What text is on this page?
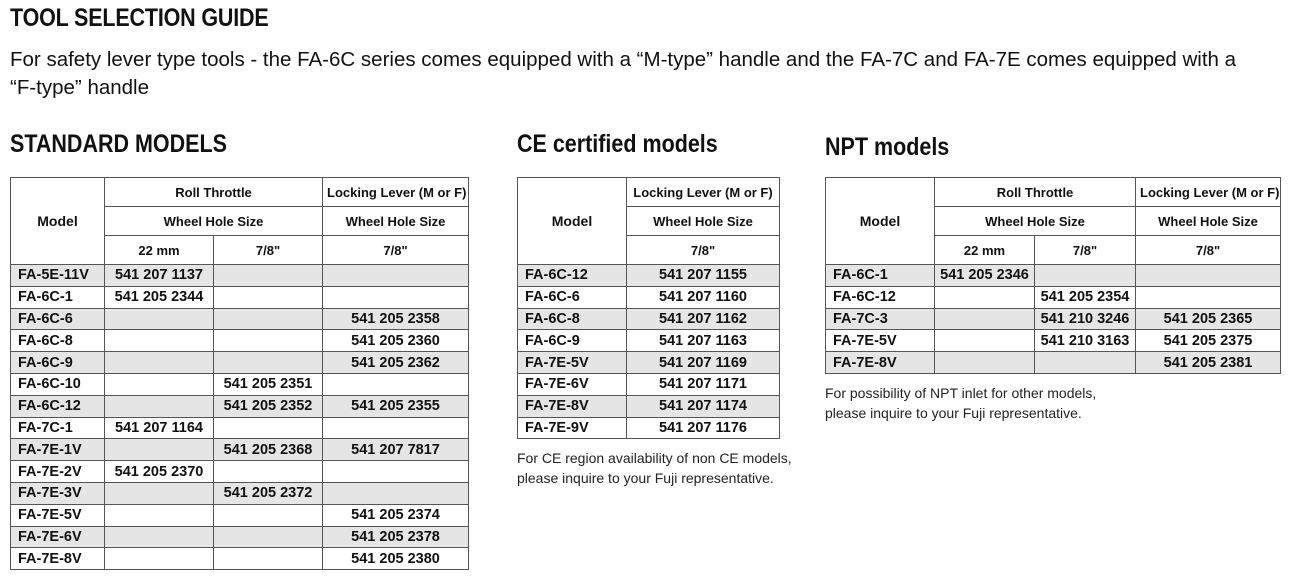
TOOL SELECTION GUIDE
For safety lever type tools - the FA-6C series comes equipped with a “M-type” handle and the FA-7C and FA-7E comes equipped with a “F-type” handle
STANDARD MODELS
Model	Roll Throttle		Locking Lever (M or F)
	Wheel Hole Size		Wheel Hole Size
	22 mm	7/8"	7/8"
FA-5E-11V	541 207 1137		
FA-6C-1	541 205 2344		
FA-6C-6			541 205 2358
FA-6C-8			541 205 2360
FA-6C-9			541 205 2362
FA-6C-10		541 205 2351	
FA-6C-12		541 205 2352	541 205 2355
FA-7C-1	541 207 1164		
FA-7E-1V		541 205 2368	541 207 7817
FA-7E-2V	541 205 2370		
FA-7E-3V		541 205 2372	
FA-7E-5V			541 205 2374
FA-7E-6V			541 205 2378
FA-7E-8V			541 205 2380
CE certified models
Model	Locking Lever (M or F)
	Wheel Hole Size
	7/8"
FA-6C-12	541 207 1155
FA-6C-6	541 207 1160
FA-6C-8	541 207 1162
FA-6C-9	541 207 1163
FA-7E-5V	541 207 1169
FA-7E-6V	541 207 1171
FA-7E-8V	541 207 1174
FA-7E-9V	541 207 1176
For CE region availability of non CE models,
please inquire to your Fuji representative.
NPT models
Model	Roll Throttle		Locking Lever (M or F)
	Wheel Hole Size		Wheel Hole Size
	22 mm	7/8"	7/8"
FA-6C-1	541 205 2346		
FA-6C-12		541 205 2354	
FA-7C-3		541 210 3246	541 205 2365
FA-7E-5V		541 210 3163	541 205 2375
FA-7E-8V			541 205 2381
For possibility of NPT inlet for other models,
please inquire to your Fuji representative.
